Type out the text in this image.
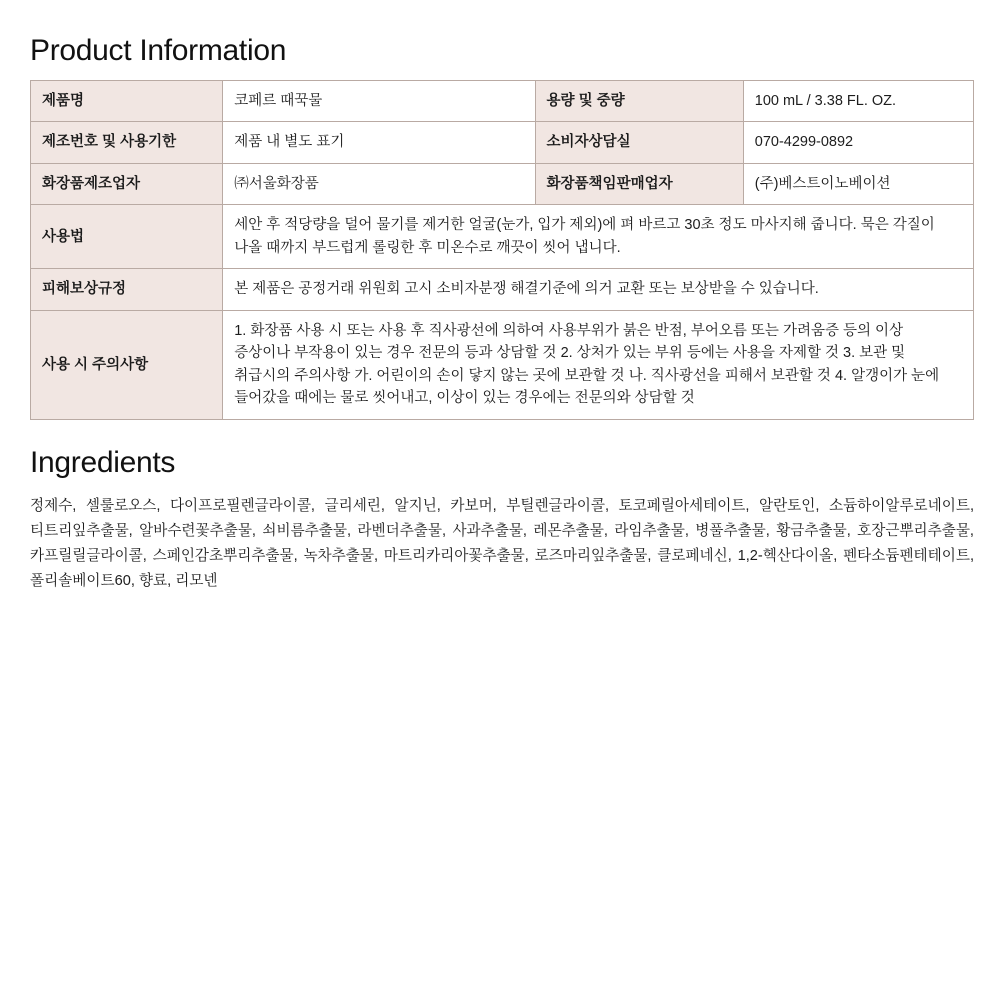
Product Information
제품명	코페르 때꾹물	용량 및 중량	100 mL / 3.38 FL. OZ.
제조번호 및 사용기한	제품 내 별도 표기	소비자상담실	070-4299-0892
화장품제조업자	㈜서울화장품	화장품책임판매업자	(주)베스트이노베이션
사용법	세안 후 적당량을 덜어 물기를 제거한 얼굴(눈가, 입가 제외)에 펴 바르고 30초 정도 마사지해 줍니다. 묵은 각질이 나올 때까지 부드럽게 롤링한 후 미온수로 깨끗이 씻어 냅니다.		
피해보상규정	본 제품은 공정거래 위원회 고시 소비자분쟁 해결기준에 의거 교환 또는 보상받을 수 있습니다.		
사용 시 주의사항	1. 화장품 사용 시 또는 사용 후 직사광선에 의하여 사용부위가 붉은 반점, 부어오름 또는 가려움증 등의 이상 증상이나 부작용이 있는 경우 전문의 등과 상담할 것 2. 상처가 있는 부위 등에는 사용을 자제할 것 3. 보관 및 취급시의 주의사항 가. 어린이의 손이 닿지 않는 곳에 보관할 것 나. 직사광선을 피해서 보관할 것 4. 알갱이가 눈에 들어갔을 때에는 물로 씻어내고, 이상이 있는 경우에는 전문의와 상담할 것		
Ingredients
정제수, 셀룰로오스, 다이프로필렌글라이콜, 글리세린, 알지닌, 카보머, 부틸렌글라이콜, 토코페릴아세테이트, 알란토인, 소듐하이알루로네이트, 티트리잎추출물, 알바수련꽃추출물, 쇠비름추출물, 라벤더추출물, 사과추출물, 레몬추출물, 라임추출물, 병풀추출물, 황금추출물, 호장근뿌리추출물, 카프릴릴글라이콜, 스페인감초뿌리추출물, 녹차추출물, 마트리카리아꽃추출물, 로즈마리잎추출물, 클로페네신, 1,2-헥산다이올, 펜타소듐펜테테이트, 폴리솔베이트60, 향료, 리모넨
